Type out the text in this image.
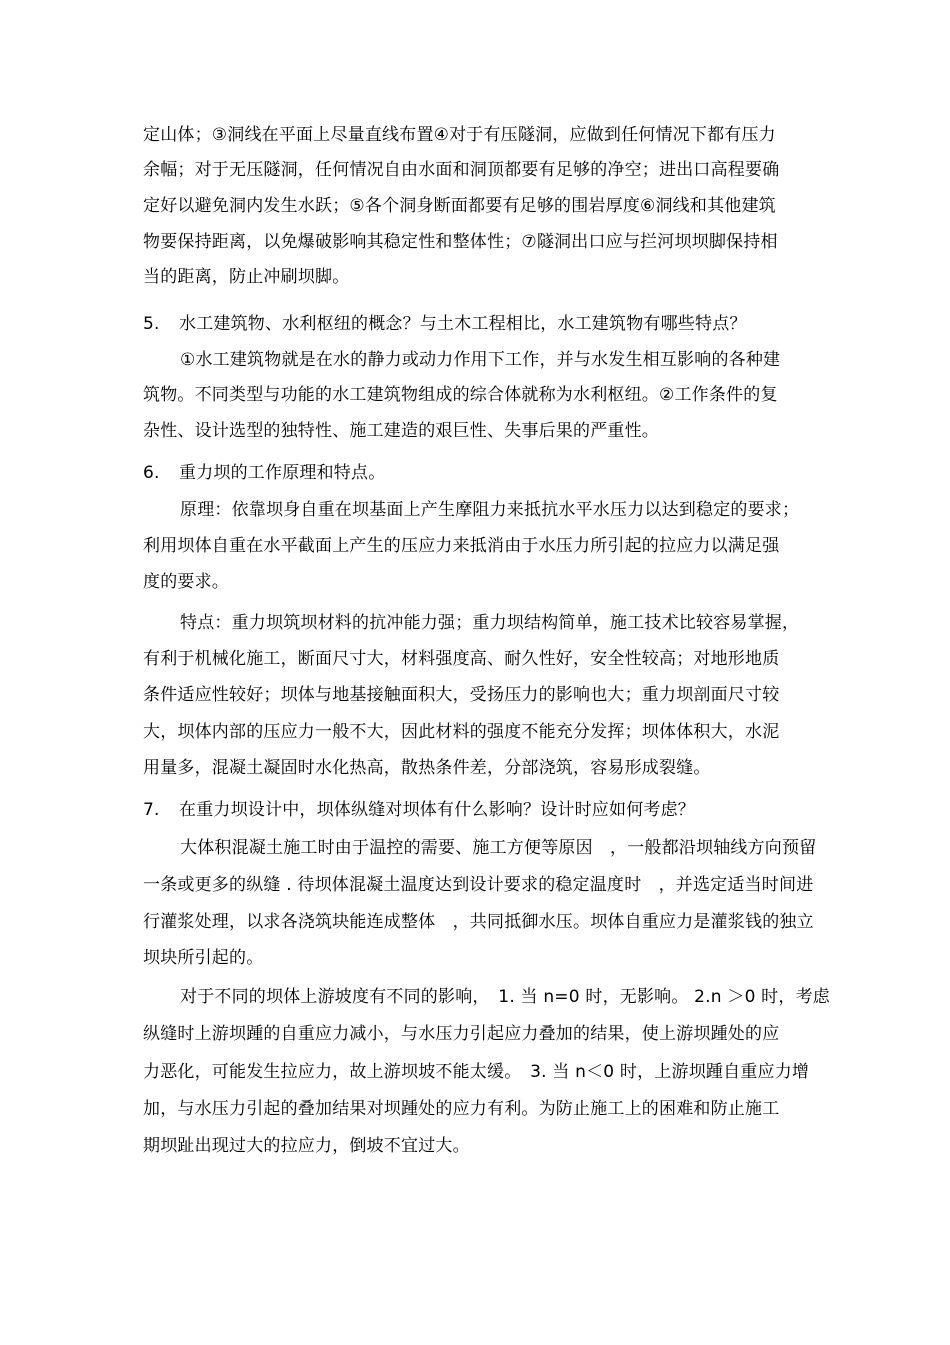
定山体；③洞线在平面上尽量直线布置④对于有压隧洞，应做到任何情况下都有压力
余幅；对于无压隧洞，任何情况自由水面和洞顶都要有足够的净空；进出口高程要确
定好以避免洞内发生水跃；⑤各个洞身断面都要有足够的围岩厚度⑥洞线和其他建筑
物要保持距离，以免爆破影响其稳定性和整体性；⑦隧洞出口应与拦河坝坝脚保持相
当的距离，防止冲刷坝脚。
5. 水工建筑物、水利枢纽的概念？与土木工程相比，水工建筑物有哪些特点？
①水工建筑物就是在水的静力或动力作用下工作，并与水发生相互影响的各种建
筑物。不同类型与功能的水工建筑物组成的综合体就称为水利枢纽。②工作条件的复
杂性、设计选型的独特性、施工建造的艰巨性、失事后果的严重性。
6. 重力坝的工作原理和特点。
原理：依靠坝身自重在坝基面上产生摩阻力来抵抗水平水压力以达到稳定的要求；
利用坝体自重在水平截面上产生的压应力来抵消由于水压力所引起的拉应力以满足强
度的要求。
特点：重力坝筑坝材料的抗冲能力强；重力坝结构简单，施工技术比较容易掌握，
有利于机械化施工，断面尺寸大，材料强度高、耐久性好，安全性较高；对地形地质
条件适应性较好；坝体与地基接触面积大，受扬压力的影响也大；重力坝剖面尺寸较
大，坝体内部的压应力一般不大，因此材料的强度不能充分发挥；坝体体积大，水泥
用量多，混凝土凝固时水化热高，散热条件差，分部浇筑，容易形成裂缝。
7. 在重力坝设计中，坝体纵缝对坝体有什么影响？设计时应如何考虑？
大体积混凝土施工时由于温控的需要、施工方便等原因　，一般都沿坝轴线方向预留
一条或更多的纵缝 . 待坝体混凝土温度达到设计要求的稳定温度时　，并选定适当时间进
行灌浆处理，以求各浇筑块能连成整体　，共同抵御水压。坝体自重应力是灌浆钱的独立
坝块所引起的。
对于不同的坝体上游坡度有不同的影响，　1. 当 n=0 时，无影响。 2.n ＞0 时，考虑
纵缝时上游坝踵的自重应力减小，与水压力引起应力叠加的结果，使上游坝踵处的应
力恶化，可能发生拉应力，故上游坝坡不能太缓。　3. 当 n＜0 时，上游坝踵自重应力增
加，与水压力引起的叠加结果对坝踵处的应力有利。为防止施工上的困难和防止施工
期坝趾出现过大的拉应力，倒坡不宜过大。
